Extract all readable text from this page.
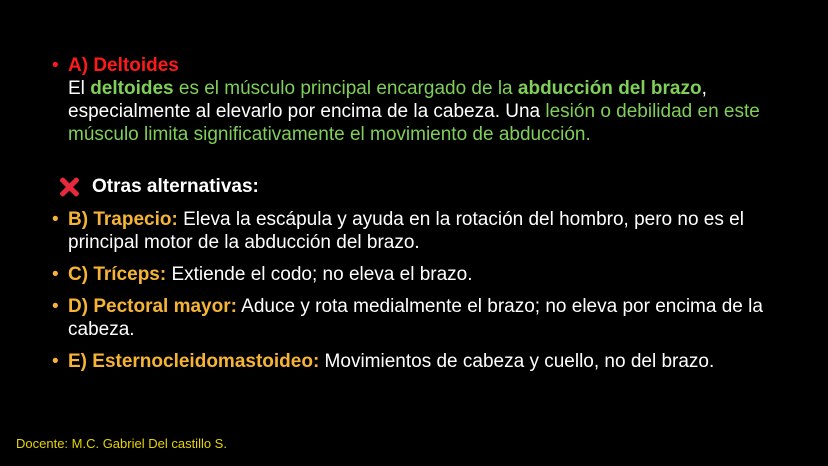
• A) Deltoides
El deltoides es el músculo principal encargado de la abducción del brazo, especialmente al elevarlo por encima de la cabeza. Una lesión o debilidad en este músculo limita significativamente el movimiento de abducción.
Otras alternativas:
• B) Trapecio: Eleva la escápula y ayuda en la rotación del hombro, pero no es el principal motor de la abducción del brazo.
• C) Tríceps: Extiende el codo; no eleva el brazo.
• D) Pectoral mayor: Aduce y rota medialmente el brazo; no eleva por encima de la cabeza.
• E) Esternocleidomastoideo: Movimientos de cabeza y cuello, no del brazo.
Docente: M.C. Gabriel Del castillo S.
